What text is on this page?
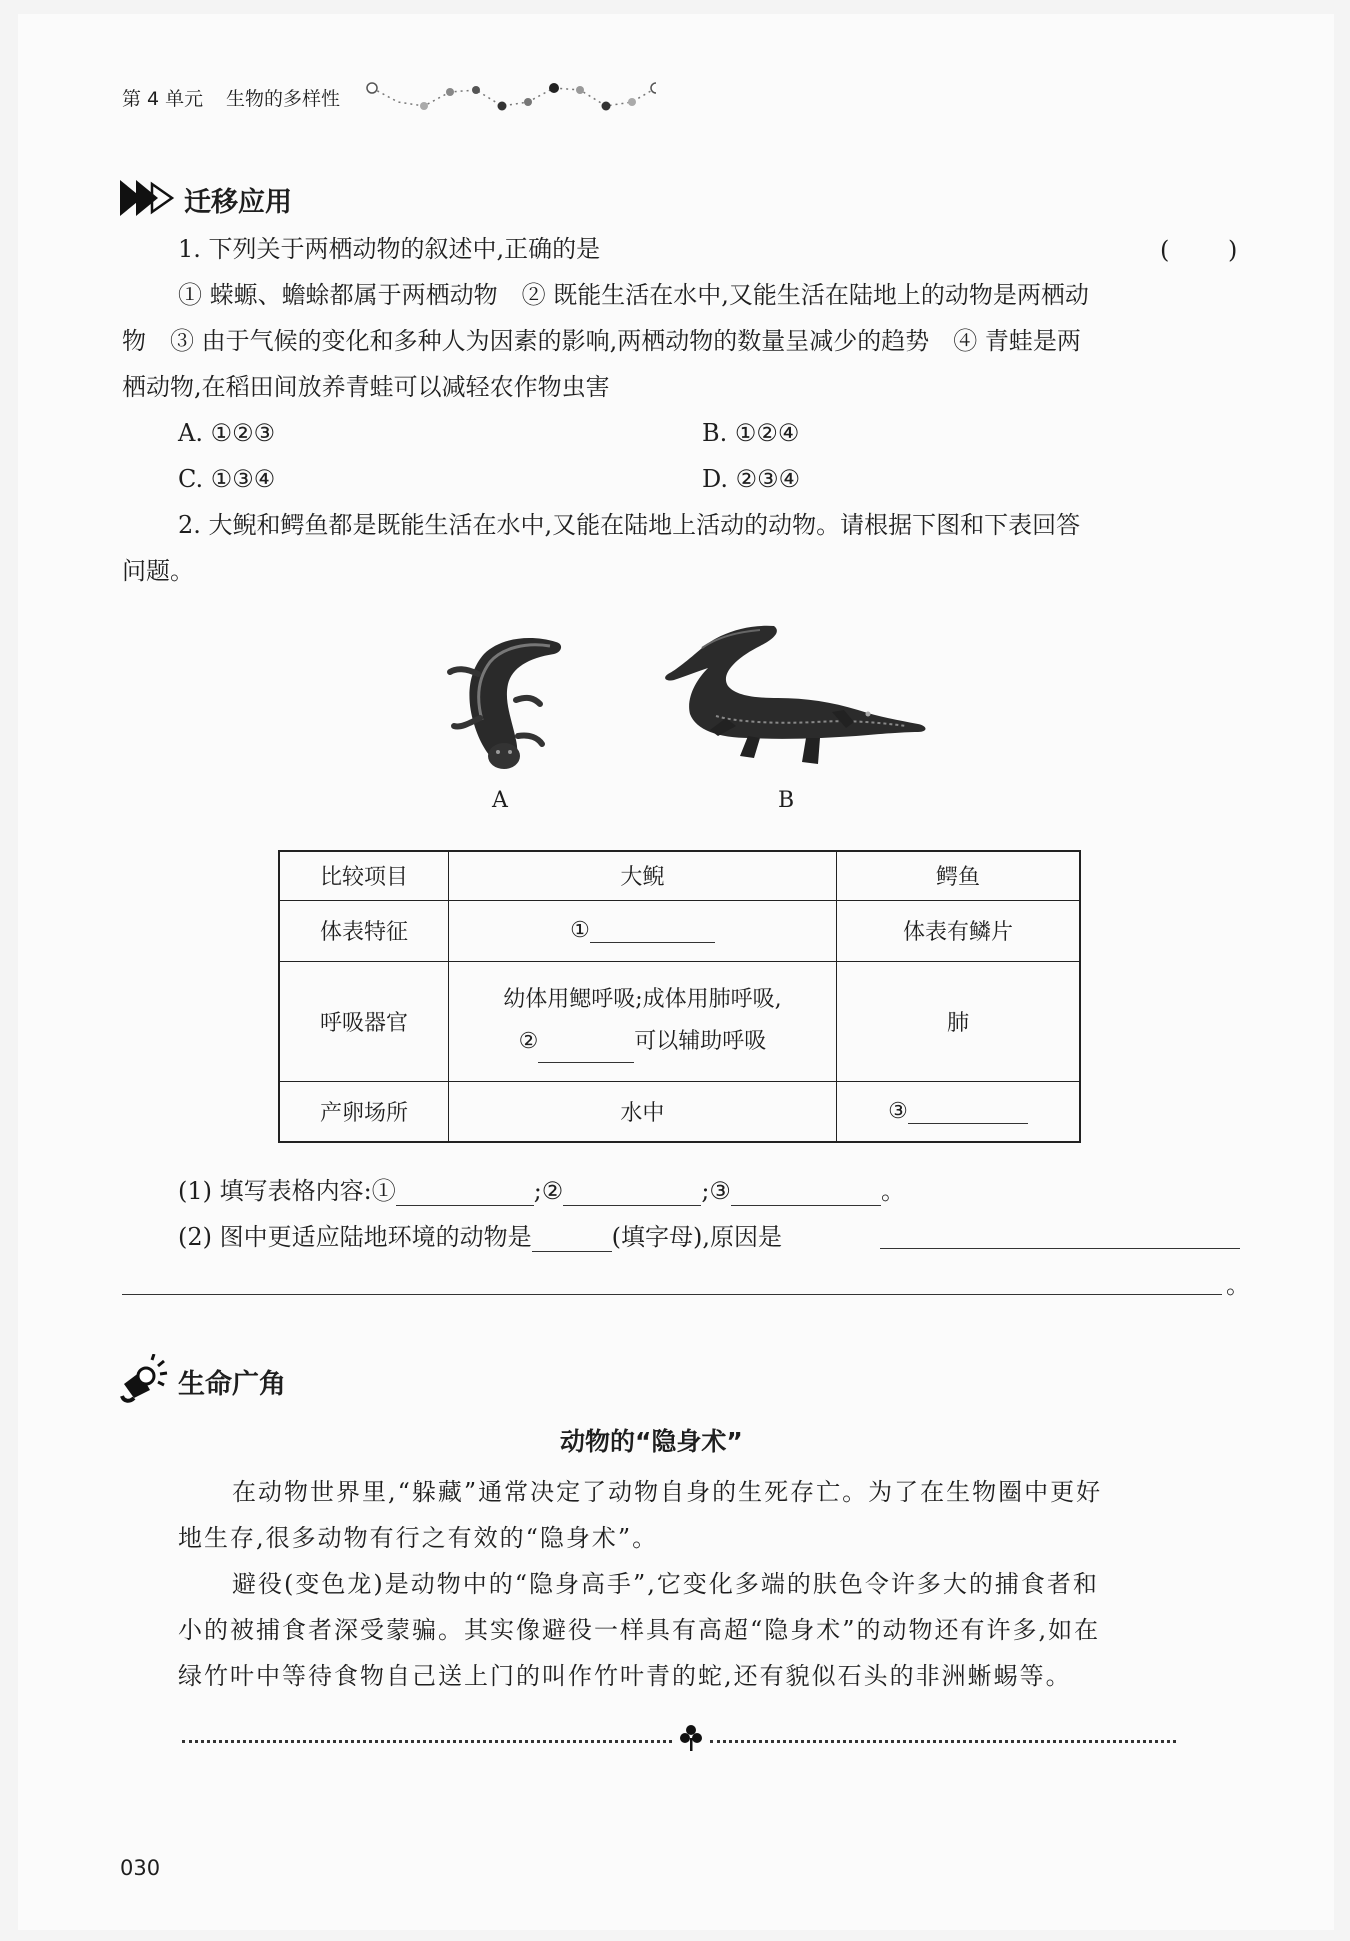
第 4 单元 生物的多样性
迁移应用
1. 下列关于两栖动物的叙述中,正确的是	( )
① 蝾螈、蟾蜍都属于两栖动物　② 既能生活在水中,又能生活在陆地上的动物是两栖动
物　③ 由于气候的变化和多种人为因素的影响,两栖动物的数量呈减少的趋势　④ 青蛙是两
栖动物,在稻田间放养青蛙可以减轻农作物虫害
A. ①②③	B. ①②④
C. ①③④	D. ②③④
2. 大鲵和鳄鱼都是既能生活在水中,又能在陆地上活动的动物。请根据下图和下表回答
问题。
A	B
比较项目	大鲵	鳄鱼
体表特征	①	体表有鳞片
呼吸器官	幼体用鳃呼吸;成体用肺呼吸,
② 可以辅助呼吸	肺
产卵场所	水中	③
(1) 填写表格内容:①	;②	;③	。
(2) 图中更适应陆地环境的动物是	(填字母),原因是
。
生命广角
动物的“隐身术”
在动物世界里,“躲藏”通常决定了动物自身的生死存亡。为了在生物圈中更好
地生存,很多动物有行之有效的“隐身术”。
避役(变色龙)是动物中的“隐身高手”,它变化多端的肤色令许多大的捕食者和
小的被捕食者深受蒙骗。其实像避役一样具有高超“隐身术”的动物还有许多,如在
绿竹叶中等待食物自己送上门的叫作竹叶青的蛇,还有貌似石头的非洲蜥蜴等。
030
